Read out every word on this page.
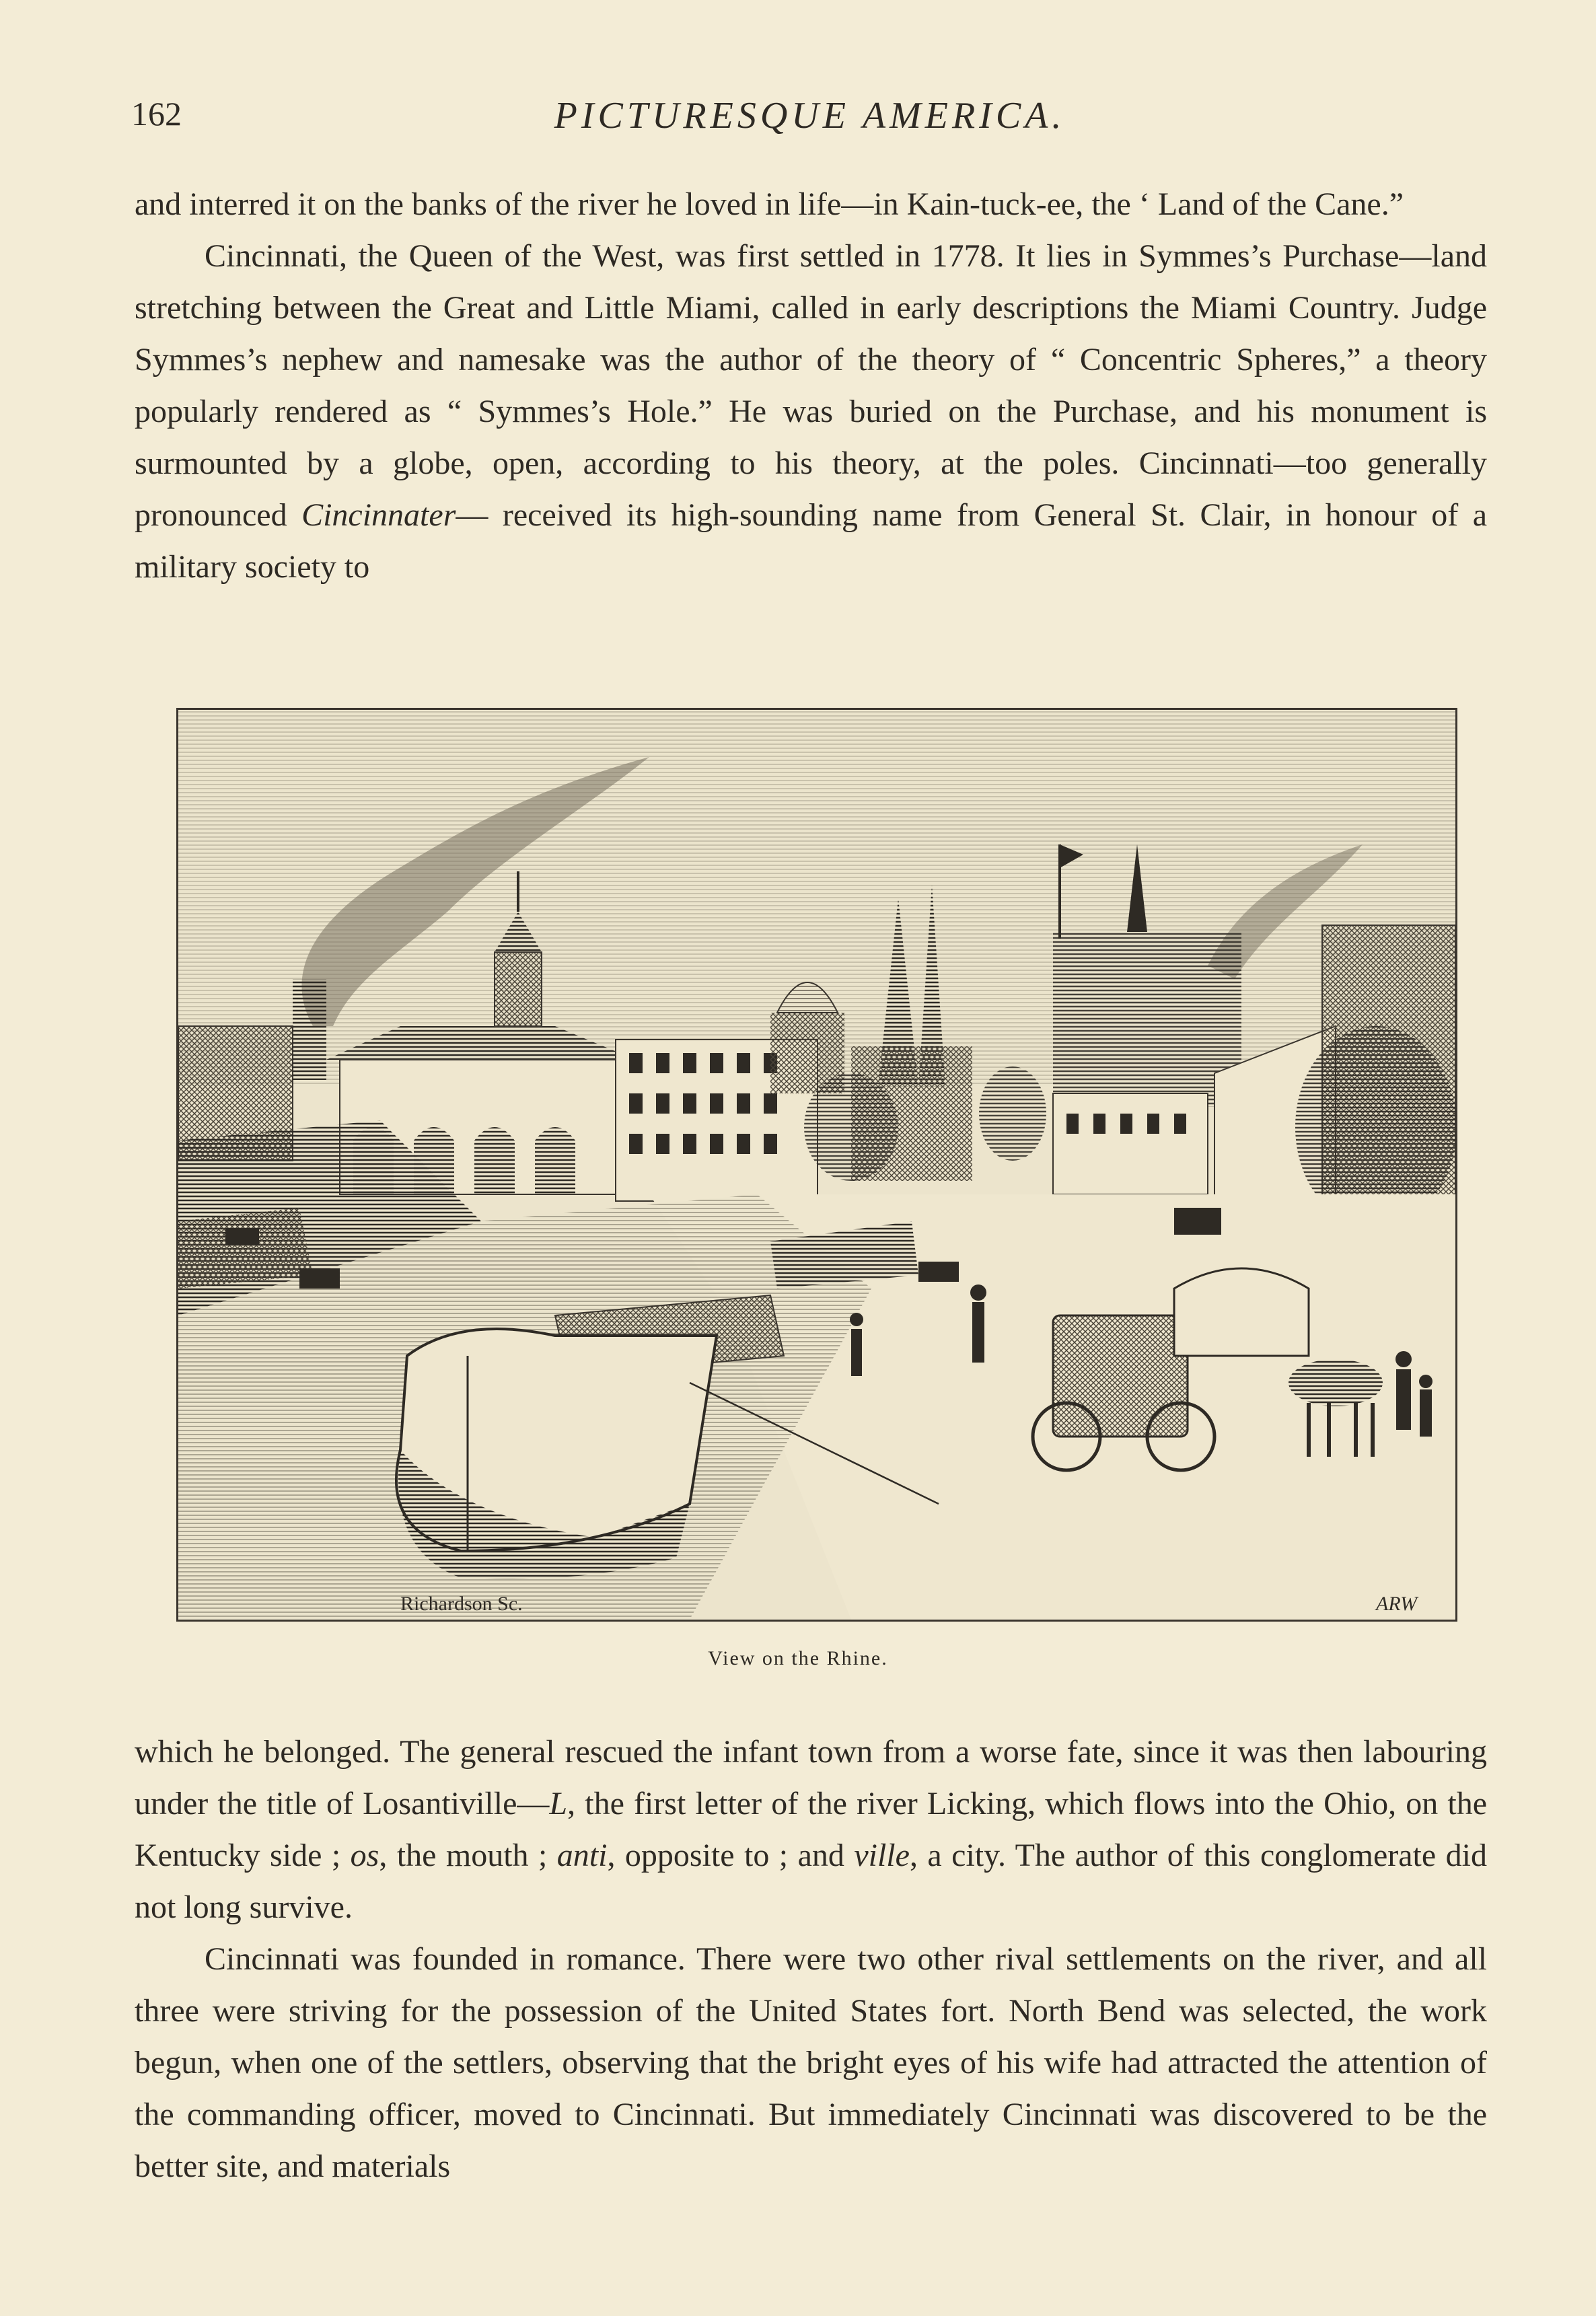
162	PICTURESQUE AMERICA.

and interred it on the banks of the river he loved in life—in Kain-tuck-ee, the ‘ Land of the Cane.”

Cincinnati, the Queen of the West, was first settled in 1778. It lies in Symmes’s Purchase—land stretching between the Great and Little Miami, called in early descriptions the Miami Country. Judge Symmes’s nephew and namesake was the author of the theory of “ Concentric Spheres,” a theory popularly rendered as “ Symmes’s Hole.” He was buried on the Purchase, and his monument is surmounted by a globe, open, according to his theory, at the poles. Cincinnati—too generally pronounced Cincinnater— received its high-sounding name from General St. Clair, in honour of a military society to

Richardson Sc.	ARW
View on the Rhine.

which he belonged. The general rescued the infant town from a worse fate, since it was then labouring under the title of Losantiville—L, the first letter of the river Licking, which flows into the Ohio, on the Kentucky side ; os, the mouth ; anti, opposite to ; and ville, a city. The author of this conglomerate did not long survive.

Cincinnati was founded in romance. There were two other rival settlements on the river, and all three were striving for the possession of the United States fort. North Bend was selected, the work begun, when one of the settlers, observing that the bright eyes of his wife had attracted the attention of the commanding officer, moved to Cincinnati. But immediately Cincinnati was discovered to be the better site, and materials
